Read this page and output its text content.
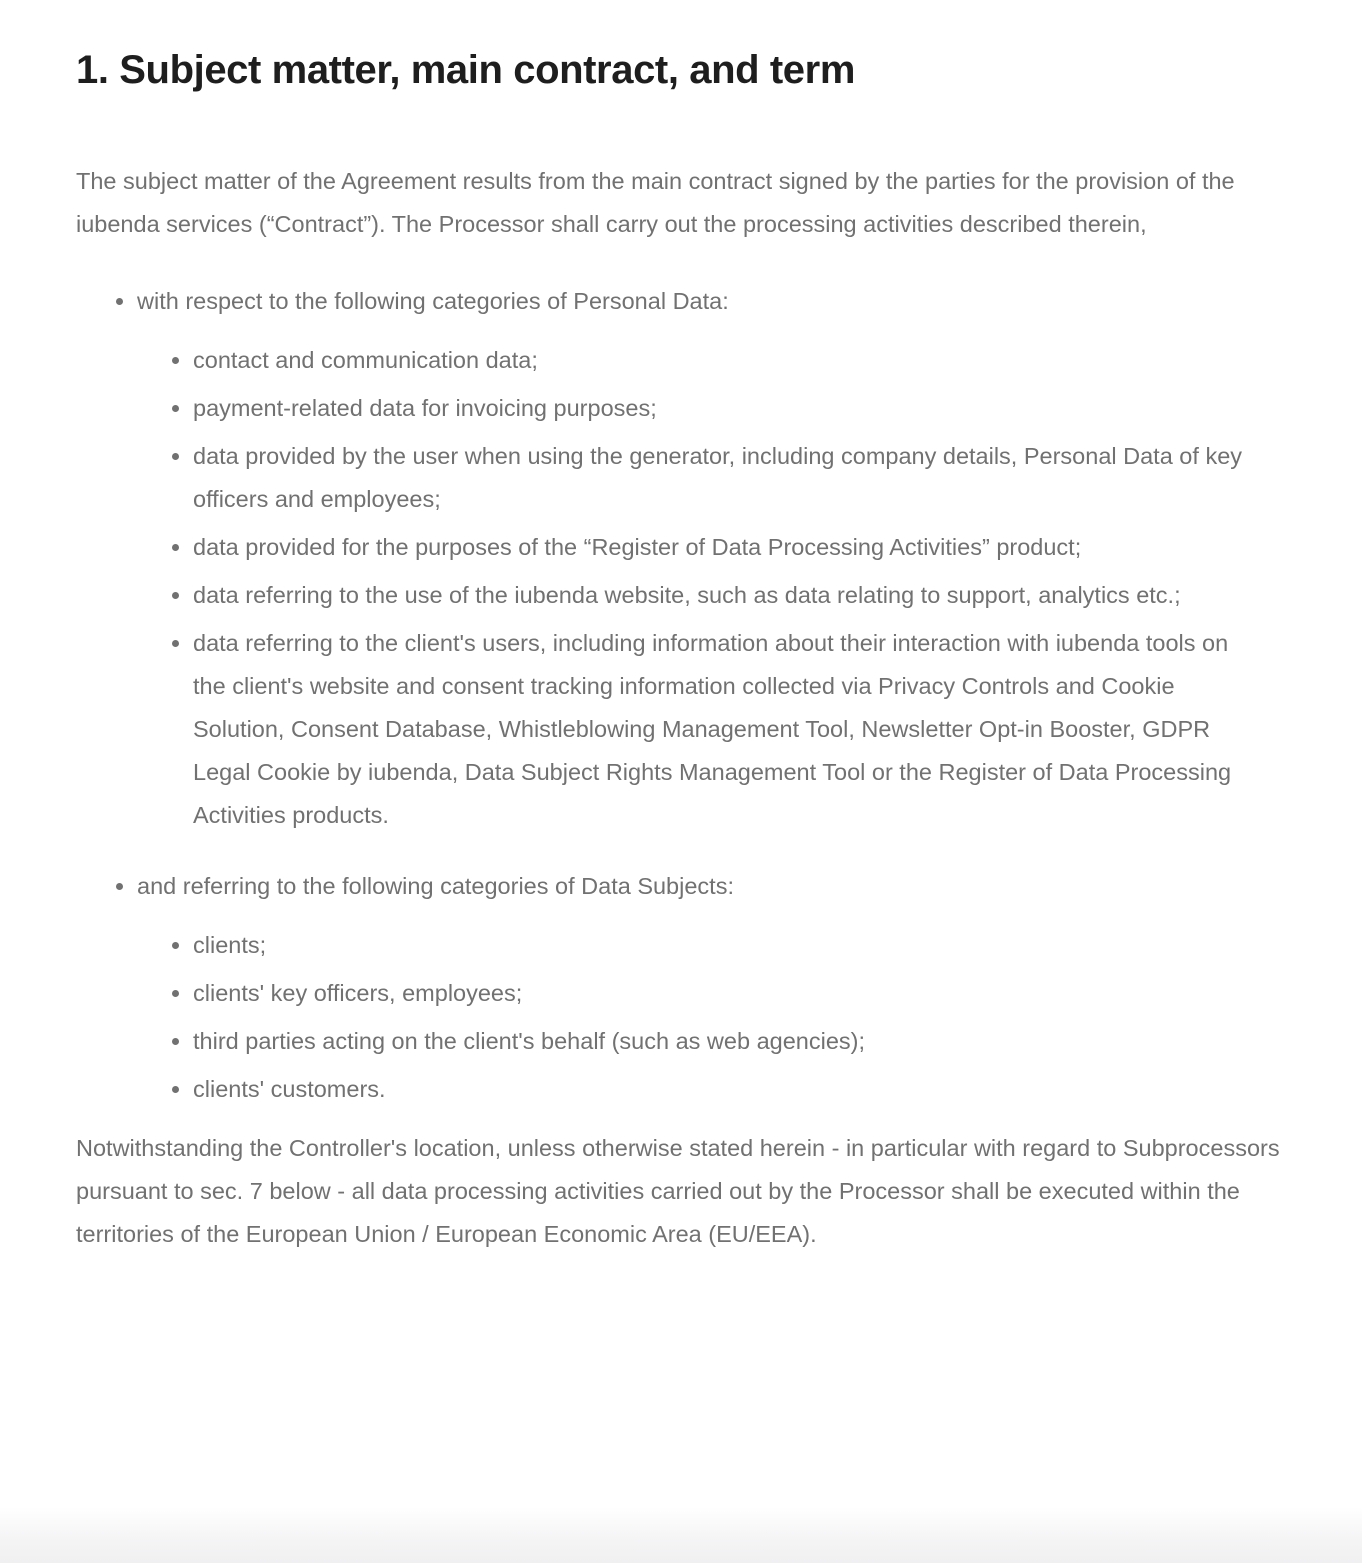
1. Subject matter, main contract, and term

The subject matter of the Agreement results from the main contract signed by the parties for the provision of the iubenda services (“Contract”). The Processor shall carry out the processing activities described therein,

• with respect to the following categories of Personal Data:
• contact and communication data;
• payment-related data for invoicing purposes;
• data provided by the user when using the generator, including company details, Personal Data of key officers and employees;
• data provided for the purposes of the “Register of Data Processing Activities” product;
• data referring to the use of the iubenda website, such as data relating to support, analytics etc.;
• data referring to the client's users, including information about their interaction with iubenda tools on the client's website and consent tracking information collected via Privacy Controls and Cookie Solution, Consent Database, Whistleblowing Management Tool, Newsletter Opt-in Booster, GDPR Legal Cookie by iubenda, Data Subject Rights Management Tool or the Register of Data Processing Activities products.
• and referring to the following categories of Data Subjects:
• clients;
• clients' key officers, employees;
• third parties acting on the client's behalf (such as web agencies);
• clients' customers.

Notwithstanding the Controller's location, unless otherwise stated herein - in particular with regard to Subprocessors pursuant to sec. 7 below - all data processing activities carried out by the Processor shall be executed within the territories of the European Union / European Economic Area (EU/EEA).
